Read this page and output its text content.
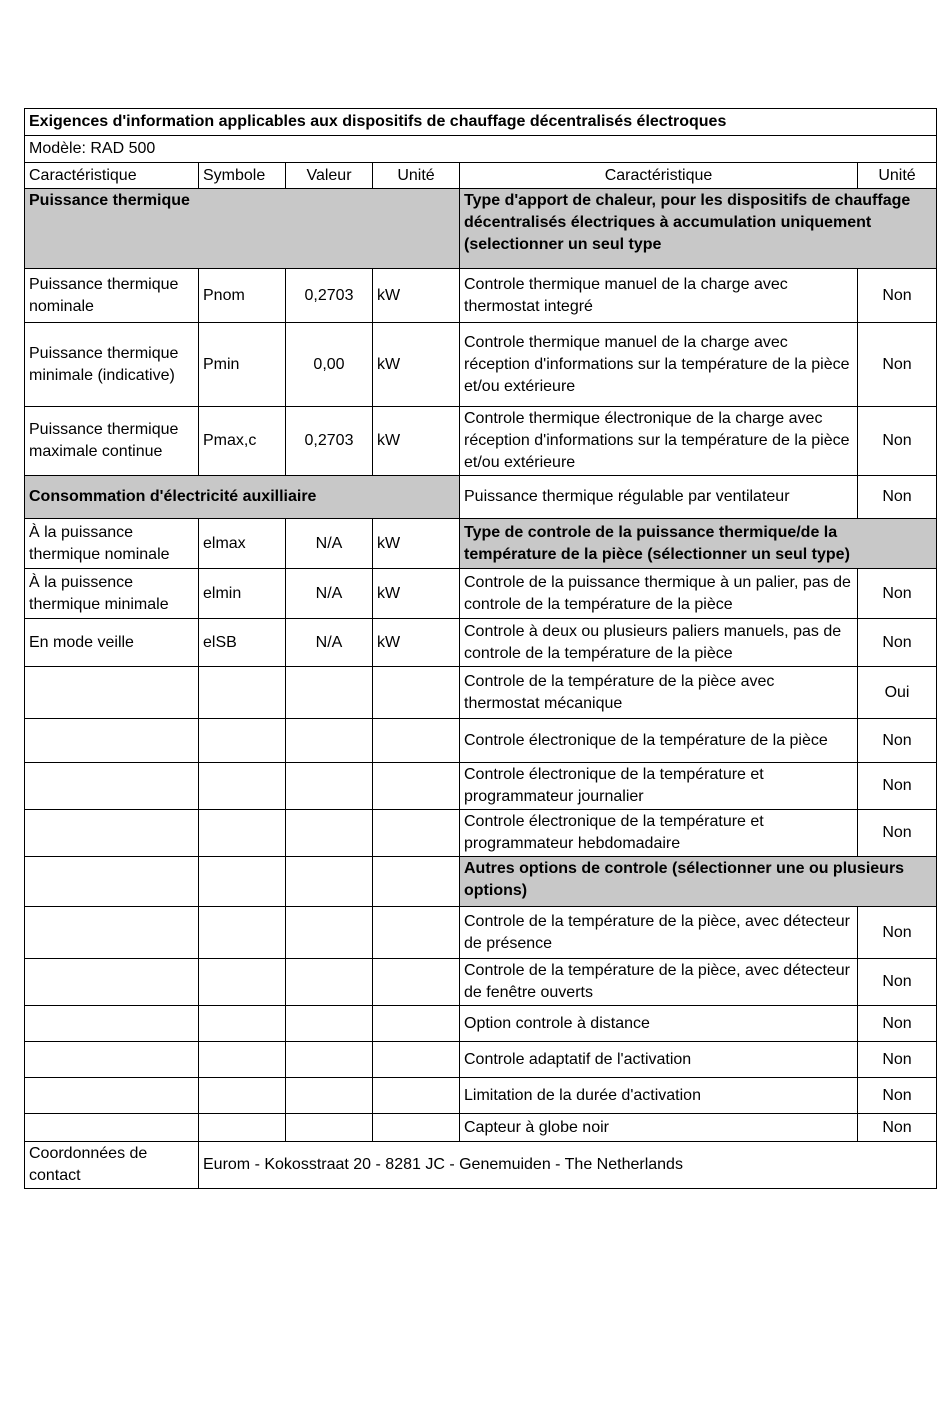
Exigences d'information applicables aux dispositifs de chauffage décentralisés électroques					
Modèle: RAD 500					
Caractéristique	Symbole	Valeur	Unité	Caractéristique	Unité
Puissance thermique				Type d'apport de chaleur, pour les dispositifs de chauffage décentralisés électriques à accumulation uniquement (selectionner un seul type	
Puissance thermique nominale	Pnom	0,2703	kW	Controle thermique manuel de la charge avec thermostat integré	Non
Puissance thermique minimale (indicative)	Pmin	0,00	kW	Controle thermique manuel de la charge avec réception d'informations sur la température de la pièce et/ou extérieure	Non
Puissance thermique maximale continue	Pmax,c	0,2703	kW	Controle thermique électronique de la charge avec réception d'informations sur la température de la pièce et/ou extérieure	Non
Consommation d'électricité auxilliaire				Puissance thermique régulable par ventilateur	Non
À la puissance thermique nominale	elmax	N/A	kW	Type de controle de la puissance thermique/de la température de la pièce (sélectionner un seul type)	
À la puissence thermique minimale	elmin	N/A	kW	Controle de la puissance thermique à un palier, pas de controle de la température de la pièce	Non
En mode veille	elSB	N/A	kW	Controle à deux ou plusieurs paliers manuels, pas de controle de la température de la pièce	Non
				Controle de la température de la pièce avec thermostat mécanique	Oui
				Controle électronique de la température de la pièce	Non
				Controle électronique de la température et programmateur journalier	Non
				Controle électronique de la température et programmateur hebdomadaire	Non
				Autres options de controle (sélectionner une ou plusieurs options)	
				Controle de la température de la pièce, avec détecteur de présence	Non
				Controle de la température de la pièce, avec détecteur de fenêtre ouverts	Non
				Option controle à distance	Non
				Controle adaptatif de l'activation	Non
				Limitation de la durée d'activation	Non
				Capteur à globe noir	Non
Coordonnées de contact	Eurom - Kokosstraat 20 - 8281 JC - Genemuiden - The Netherlands				
